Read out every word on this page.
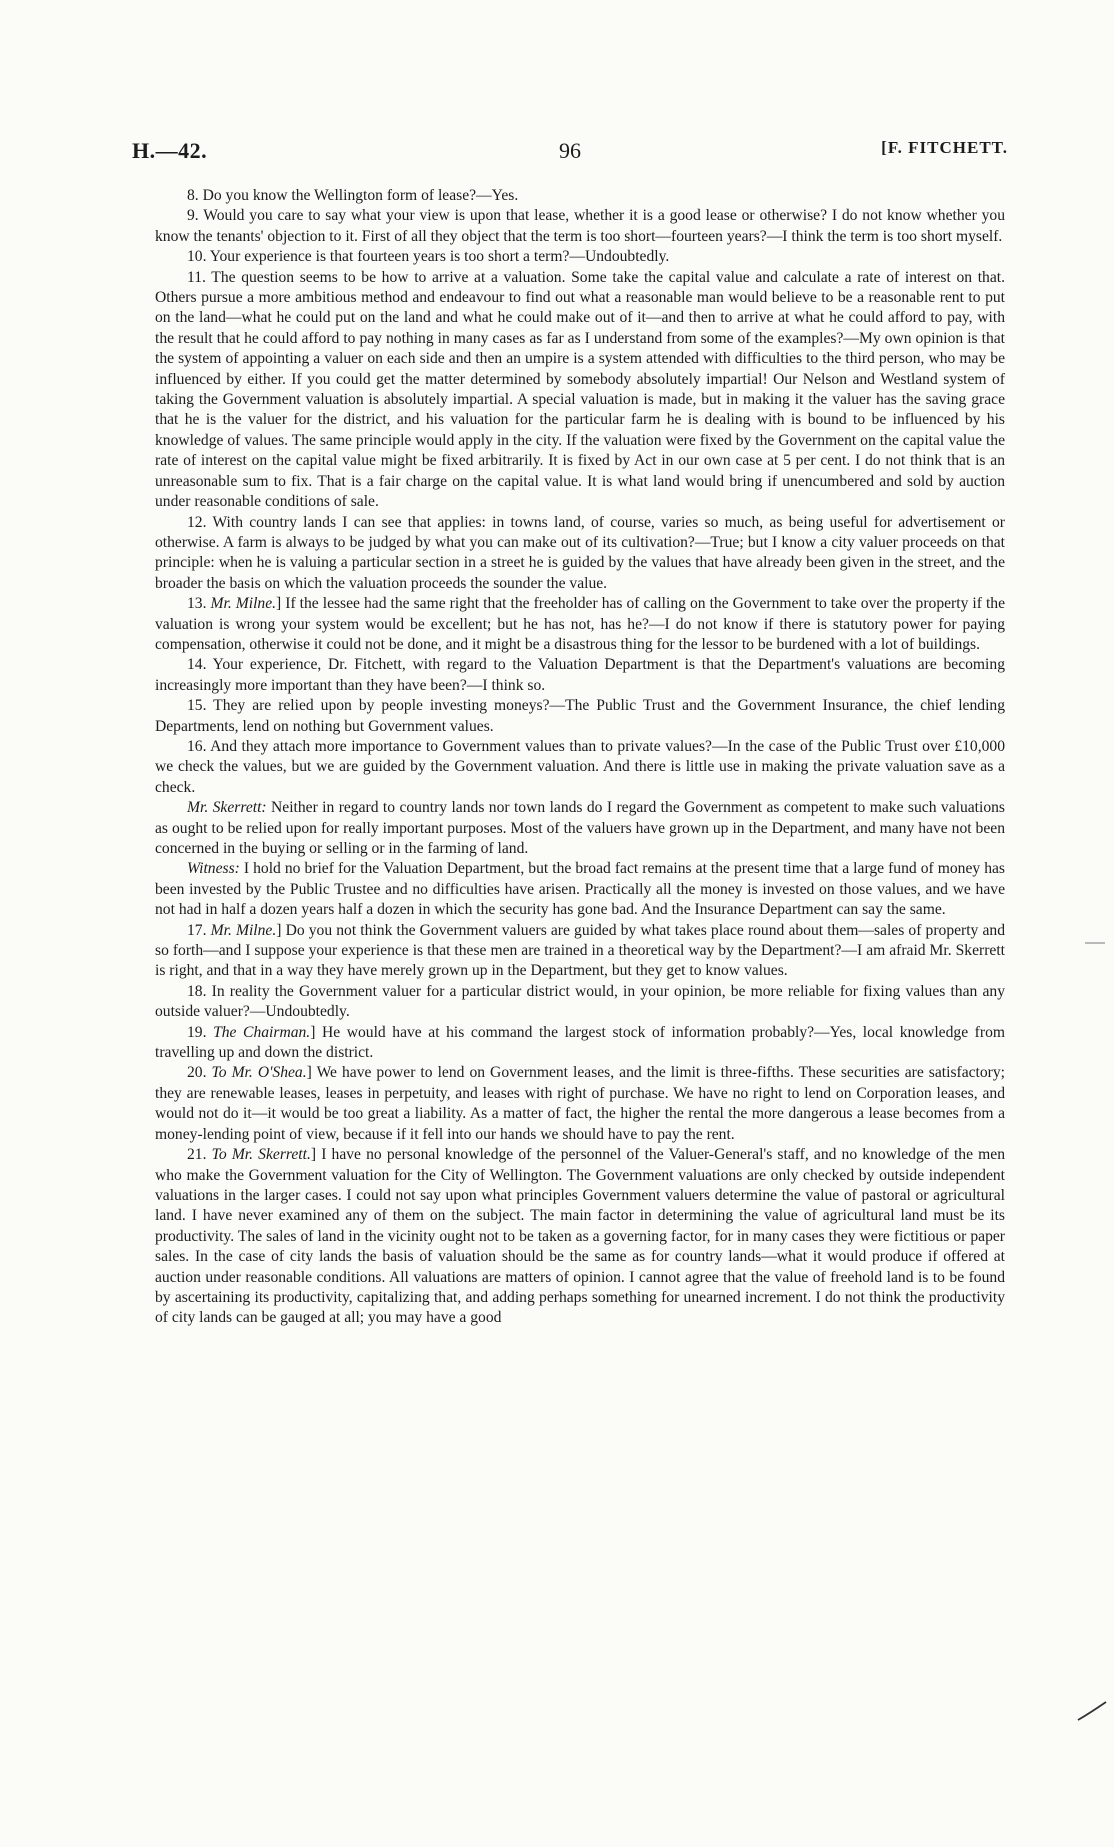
H.—42.	96	[F. FITCHETT.

8. Do you know the Wellington form of lease?—Yes.

9. Would you care to say what your view is upon that lease, whether it is a good lease or otherwise? I do not know whether you know the tenants' objection to it. First of all they object that the term is too short—fourteen years?—I think the term is too short myself.

10. Your experience is that fourteen years is too short a term?—Undoubtedly.

11. The question seems to be how to arrive at a valuation. Some take the capital value and calculate a rate of interest on that. Others pursue a more ambitious method and endeavour to find out what a reasonable man would believe to be a reasonable rent to put on the land—what he could put on the land and what he could make out of it—and then to arrive at what he could afford to pay, with the result that he could afford to pay nothing in many cases as far as I understand from some of the examples?—My own opinion is that the system of appointing a valuer on each side and then an umpire is a system attended with difficulties to the third person, who may be influenced by either. If you could get the matter determined by somebody absolutely impartial! Our Nelson and Westland system of taking the Government valuation is absolutely impartial. A special valuation is made, but in making it the valuer has the saving grace that he is the valuer for the district, and his valuation for the particular farm he is dealing with is bound to be influenced by his knowledge of values. The same principle would apply in the city. If the valuation were fixed by the Government on the capital value the rate of interest on the capital value might be fixed arbitrarily. It is fixed by Act in our own case at 5 per cent. I do not think that is an unreasonable sum to fix. That is a fair charge on the capital value. It is what land would bring if unencumbered and sold by auction under reasonable conditions of sale.

12. With country lands I can see that applies: in towns land, of course, varies so much, as being useful for advertisement or otherwise. A farm is always to be judged by what you can make out of its cultivation?—True; but I know a city valuer proceeds on that principle: when he is valuing a particular section in a street he is guided by the values that have already been given in the street, and the broader the basis on which the valuation proceeds the sounder the value.

13. Mr. Milne.] If the lessee had the same right that the freeholder has of calling on the Government to take over the property if the valuation is wrong your system would be excellent; but he has not, has he?—I do not know if there is statutory power for paying compensation, otherwise it could not be done, and it might be a disastrous thing for the lessor to be burdened with a lot of buildings.

14. Your experience, Dr. Fitchett, with regard to the Valuation Department is that the Department's valuations are becoming increasingly more important than they have been?—I think so.

15. They are relied upon by people investing moneys?—The Public Trust and the Government Insurance, the chief lending Departments, lend on nothing but Government values.

16. And they attach more importance to Government values than to private values?—In the case of the Public Trust over £10,000 we check the values, but we are guided by the Government valuation. And there is little use in making the private valuation save as a check.

Mr. Skerrett: Neither in regard to country lands nor town lands do I regard the Government as competent to make such valuations as ought to be relied upon for really important purposes. Most of the valuers have grown up in the Department, and many have not been concerned in the buying or selling or in the farming of land.

Witness: I hold no brief for the Valuation Department, but the broad fact remains at the present time that a large fund of money has been invested by the Public Trustee and no difficulties have arisen. Practically all the money is invested on those values, and we have not had in half a dozen years half a dozen in which the security has gone bad. And the Insurance Department can say the same.

17. Mr. Milne.] Do you not think the Government valuers are guided by what takes place round about them—sales of property and so forth—and I suppose your experience is that these men are trained in a theoretical way by the Department?—I am afraid Mr. Skerrett is right, and that in a way they have merely grown up in the Department, but they get to know values.

18. In reality the Government valuer for a particular district would, in your opinion, be more reliable for fixing values than any outside valuer?—Undoubtedly.

19. The Chairman.] He would have at his command the largest stock of information probably?—Yes, local knowledge from travelling up and down the district.

20. To Mr. O'Shea.] We have power to lend on Government leases, and the limit is three-fifths. These securities are satisfactory; they are renewable leases, leases in perpetuity, and leases with right of purchase. We have no right to lend on Corporation leases, and would not do it—it would be too great a liability. As a matter of fact, the higher the rental the more dangerous a lease becomes from a money-lending point of view, because if it fell into our hands we should have to pay the rent.

21. To Mr. Skerrett.] I have no personal knowledge of the personnel of the Valuer-General's staff, and no knowledge of the men who make the Government valuation for the City of Wellington. The Government valuations are only checked by outside independent valuations in the larger cases. I could not say upon what principles Government valuers determine the value of pastoral or agricultural land. I have never examined any of them on the subject. The main factor in determining the value of agricultural land must be its productivity. The sales of land in the vicinity ought not to be taken as a governing factor, for in many cases they were fictitious or paper sales. In the case of city lands the basis of valuation should be the same as for country lands—what it would produce if offered at auction under reasonable conditions. All valuations are matters of opinion. I cannot agree that the value of freehold land is to be found by ascertaining its productivity, capitalizing that, and adding perhaps something for unearned increment. I do not think the productivity of city lands can be gauged at all; you may have a good
